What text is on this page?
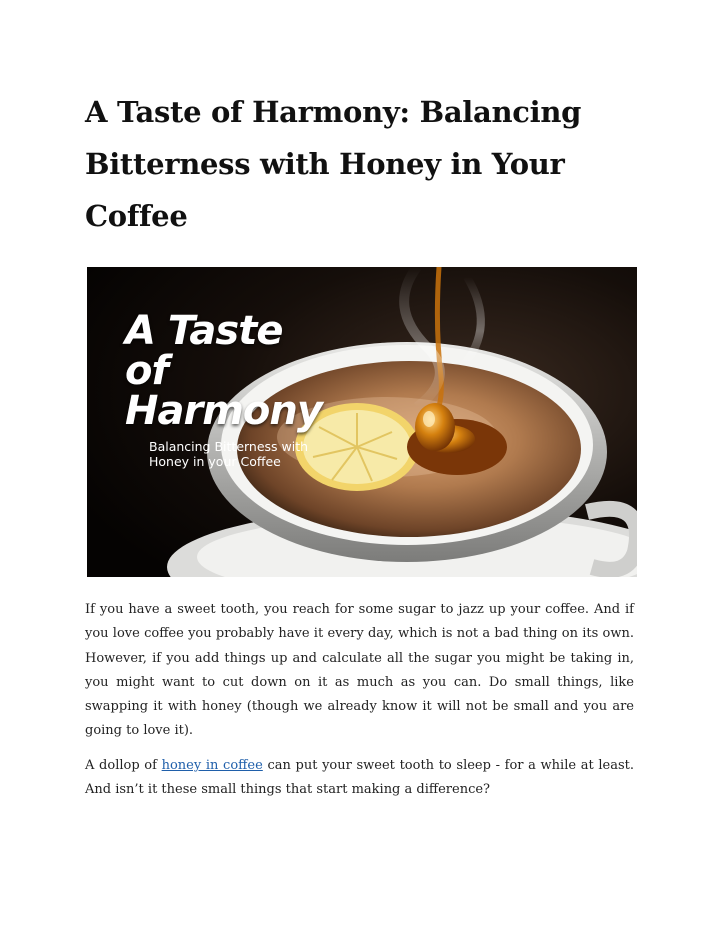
A Taste of Harmony: Balancing Bitterness with Honey in Your Coffee
A Taste of Harmony
Balancing Bitterness with Honey in your Coffee

If you have a sweet tooth, you reach for some sugar to jazz up your coffee. And if you love coffee you probably have it every day, which is not a bad thing on its own. However, if you add things up and calculate all the sugar you might be taking in, you might want to cut down on it as much as you can. Do small things, like swapping it with honey (though we already know it will not be small and you are going to love it).

A dollop of honey in coffee can put your sweet tooth to sleep - for a while at least. And isn’t it these small things that start making a difference?
